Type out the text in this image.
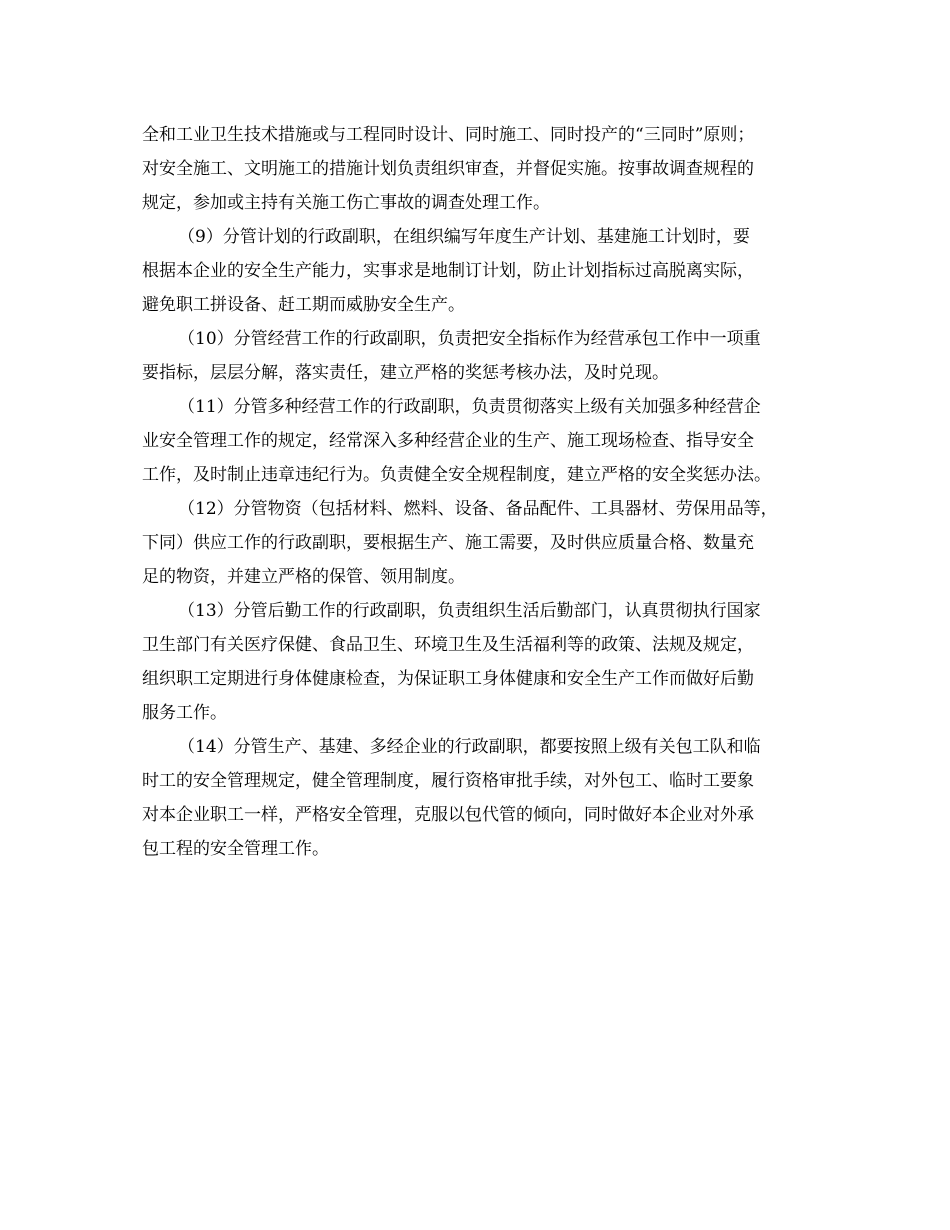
全和工业卫生技术措施或与工程同时设计、同时施工、同时投产的“三同时”原则；
对安全施工、文明施工的措施计划负责组织审查，并督促实施。按事故调查规程的
规定，参加或主持有关施工伤亡事故的调查处理工作。
（9）分管计划的行政副职，在组织编写年度生产计划、基建施工计划时，要
根据本企业的安全生产能力，实事求是地制订计划，防止计划指标过高脱离实际，
避免职工拼设备、赶工期而威胁安全生产。
（10）分管经营工作的行政副职，负责把安全指标作为经营承包工作中一项重
要指标，层层分解，落实责任，建立严格的奖惩考核办法，及时兑现。
（11）分管多种经营工作的行政副职，负责贯彻落实上级有关加强多种经营企
业安全管理工作的规定，经常深入多种经营企业的生产、施工现场检查、指导安全
工作，及时制止违章违纪行为。负责健全安全规程制度，建立严格的安全奖惩办法。
（12）分管物资（包括材料、燃料、设备、备品配件、工具器材、劳保用品等，
下同）供应工作的行政副职，要根据生产、施工需要，及时供应质量合格、数量充
足的物资，并建立严格的保管、领用制度。
（13）分管后勤工作的行政副职，负责组织生活后勤部门，认真贯彻执行国家
卫生部门有关医疗保健、食品卫生、环境卫生及生活福利等的政策、法规及规定，
组织职工定期进行身体健康检查，为保证职工身体健康和安全生产工作而做好后勤
服务工作。
（14）分管生产、基建、多经企业的行政副职，都要按照上级有关包工队和临
时工的安全管理规定，健全管理制度，履行资格审批手续，对外包工、临时工要象
对本企业职工一样，严格安全管理，克服以包代管的倾向，同时做好本企业对外承
包工程的安全管理工作。
